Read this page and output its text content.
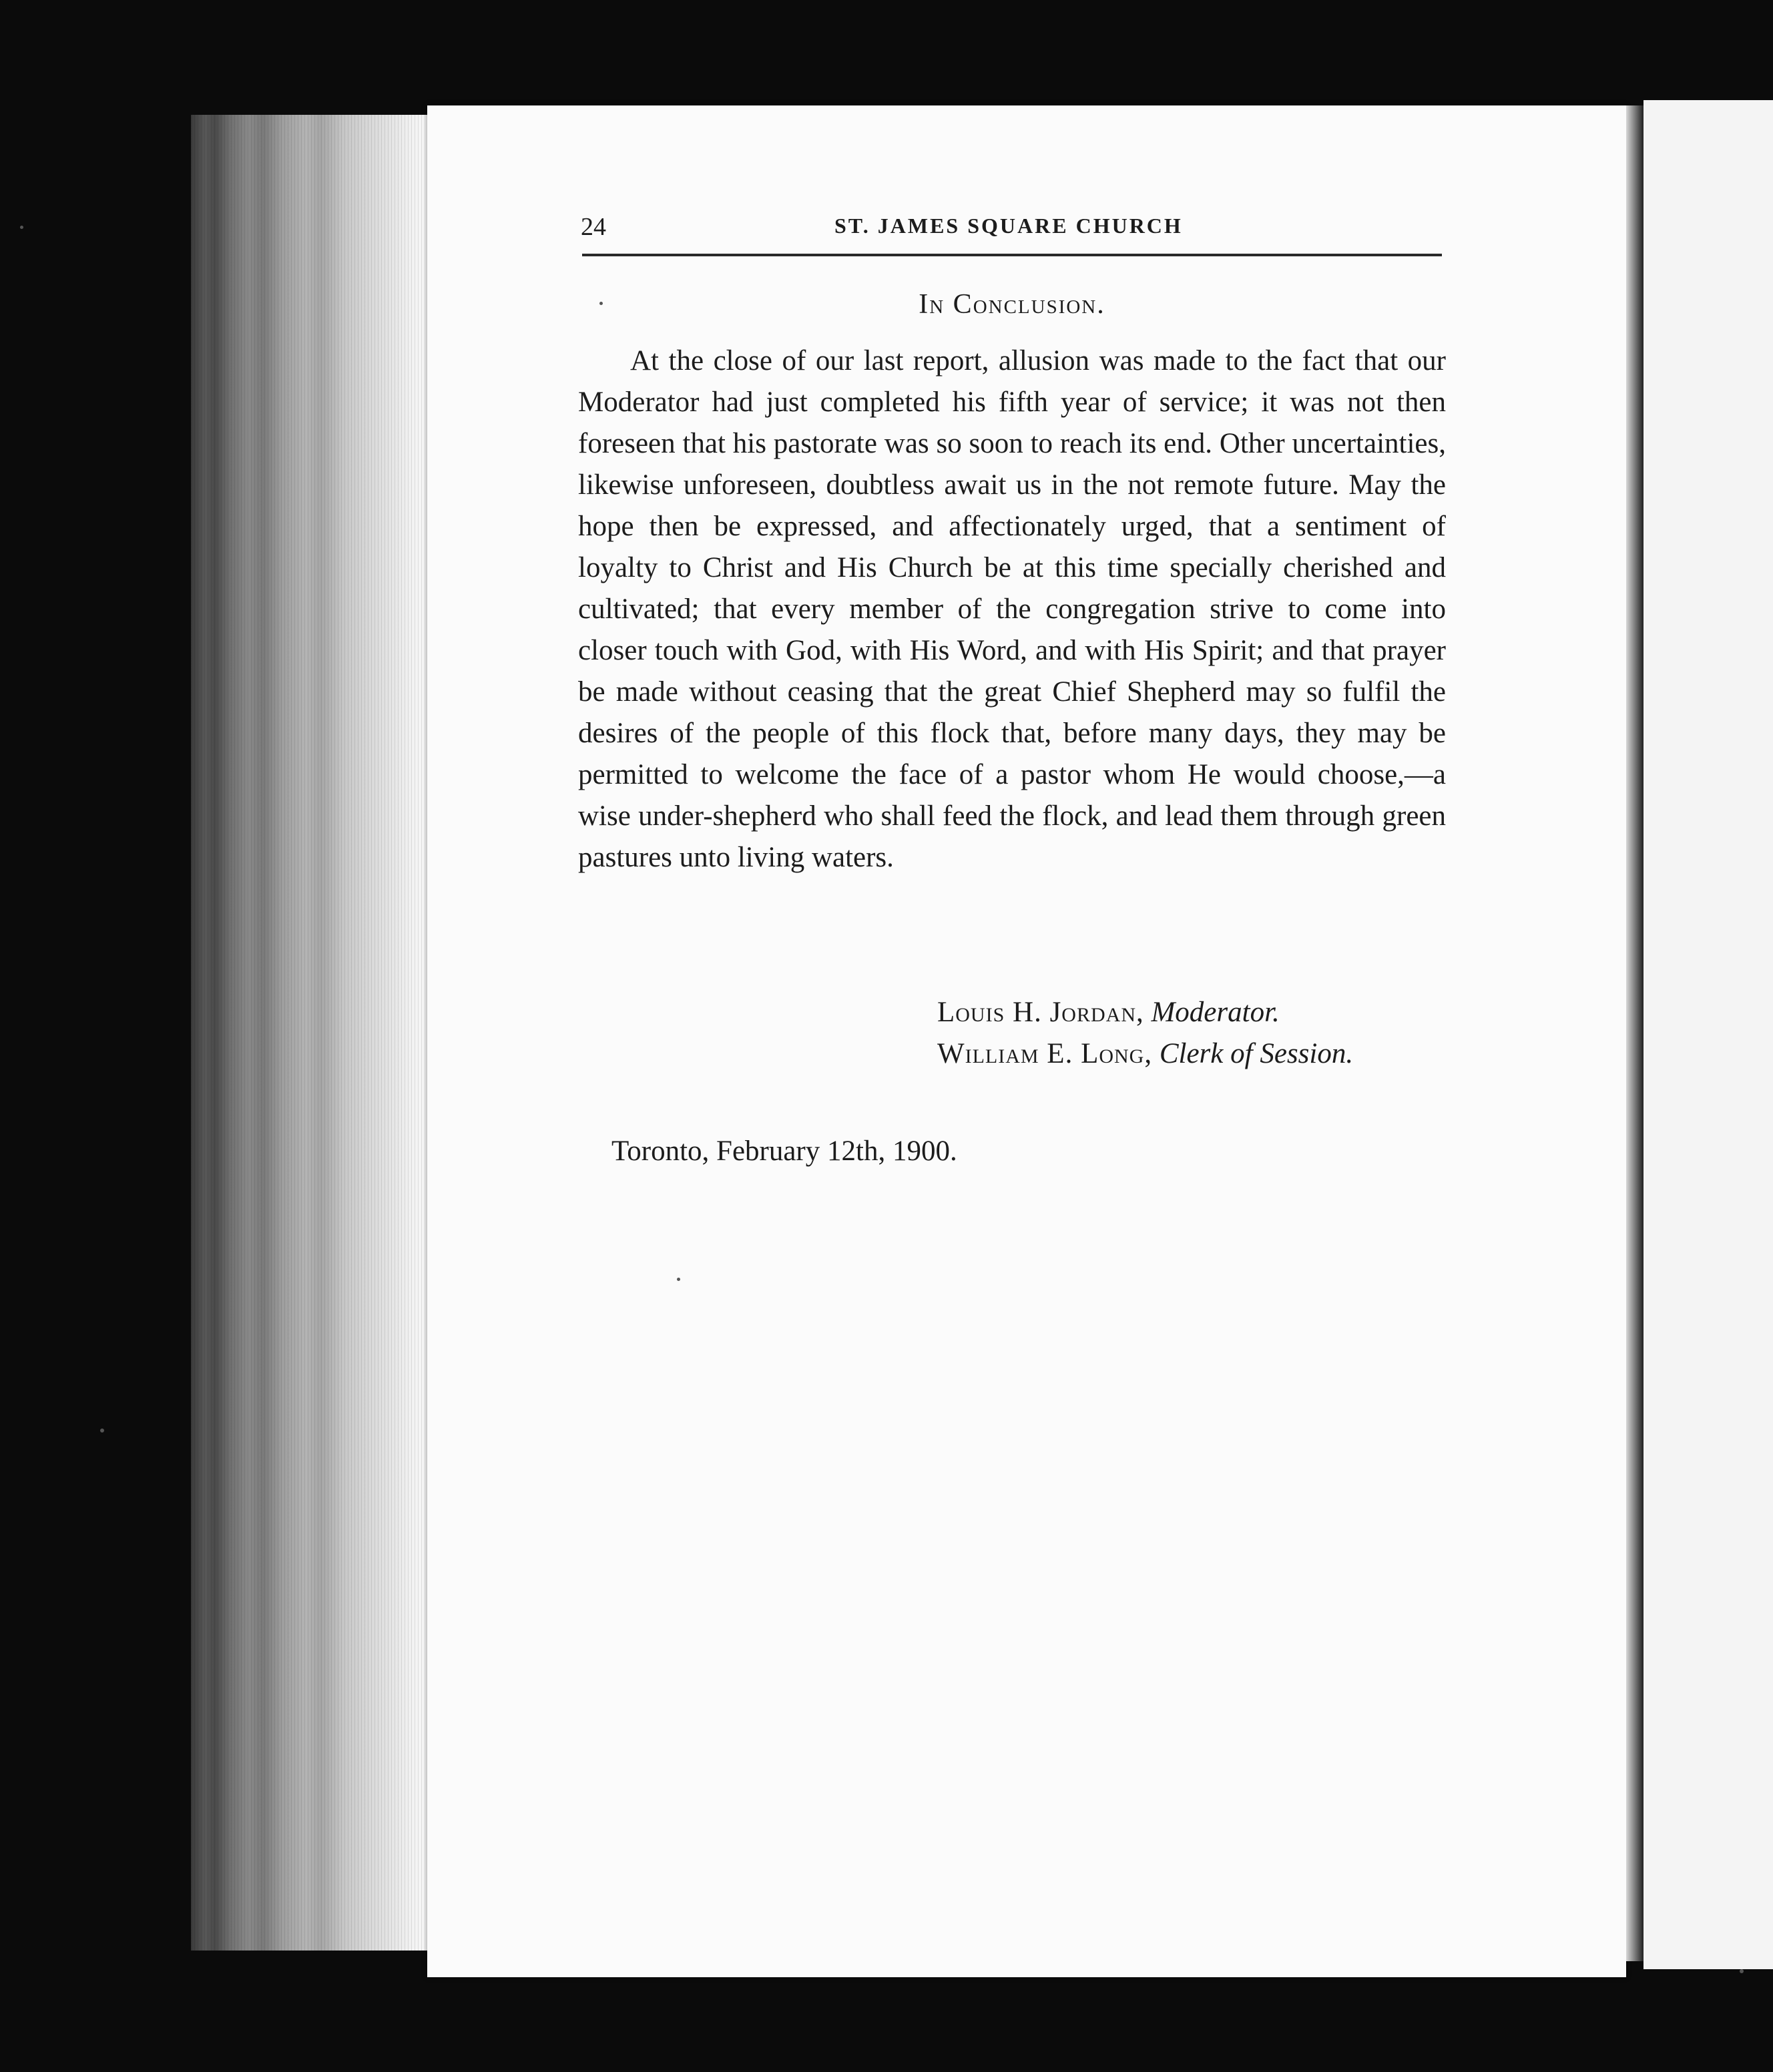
24	ST. JAMES SQUARE CHURCH
In Conclusion.

At the close of our last report, allusion was made to the fact that our Moderator had just completed his fifth year of service; it was not then foreseen that his pastorate was so soon to reach its end. Other uncertainties, likewise unforeseen, doubtless await us in the not remote future. May the hope then be expressed, and affectionately urged, that a sentiment of loyalty to Christ and His Church be at this time specially cherished and cultivated; that every member of the congregation strive to come into closer touch with God, with His Word, and with His Spirit; and that prayer be made without ceasing that the great Chief Shepherd may so fulfil the desires of the people of this flock that, before many days, they may be permitted to welcome the face of a pastor whom He would choose,—a wise under-shepherd who shall feed the flock, and lead them through green pastures unto living waters.

Louis H. Jordan, Moderator.
William E. Long, Clerk of Session.
Toronto, February 12th, 1900.
